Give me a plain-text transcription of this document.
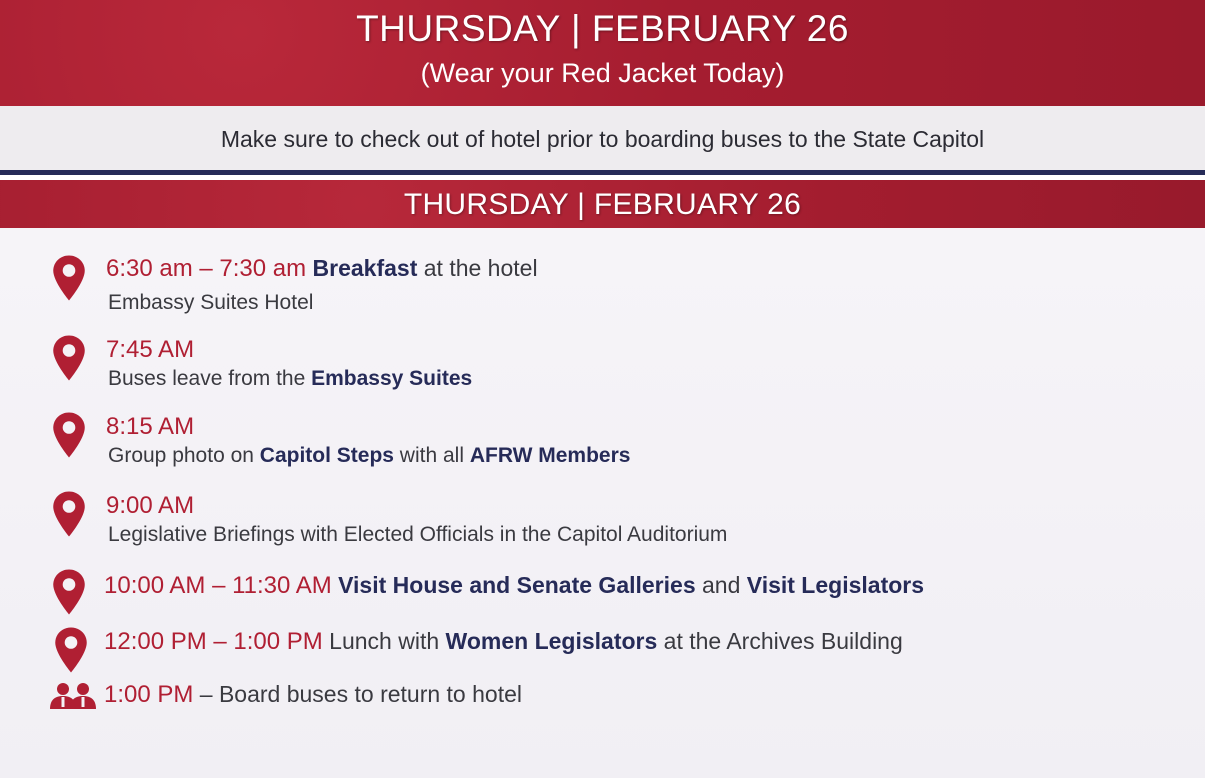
THURSDAY | FEBRUARY 26
(Wear your Red Jacket Today)
Make sure to check out of hotel prior to boarding buses to the State Capitol
THURSDAY | FEBRUARY 26
6:30 am – 7:30 am Breakfast at the hotel
Embassy Suites Hotel
7:45 AM
Buses leave from the Embassy Suites
8:15 AM
Group photo on Capitol Steps with all AFRW Members
9:00 AM
Legislative Briefings with Elected Officials in the Capitol Auditorium
10:00 AM – 11:30 AM Visit House and Senate Galleries and Visit Legislators
12:00 PM – 1:00 PM Lunch with Women Legislators at the Archives Building
1:00 PM – Board buses to return to hotel
